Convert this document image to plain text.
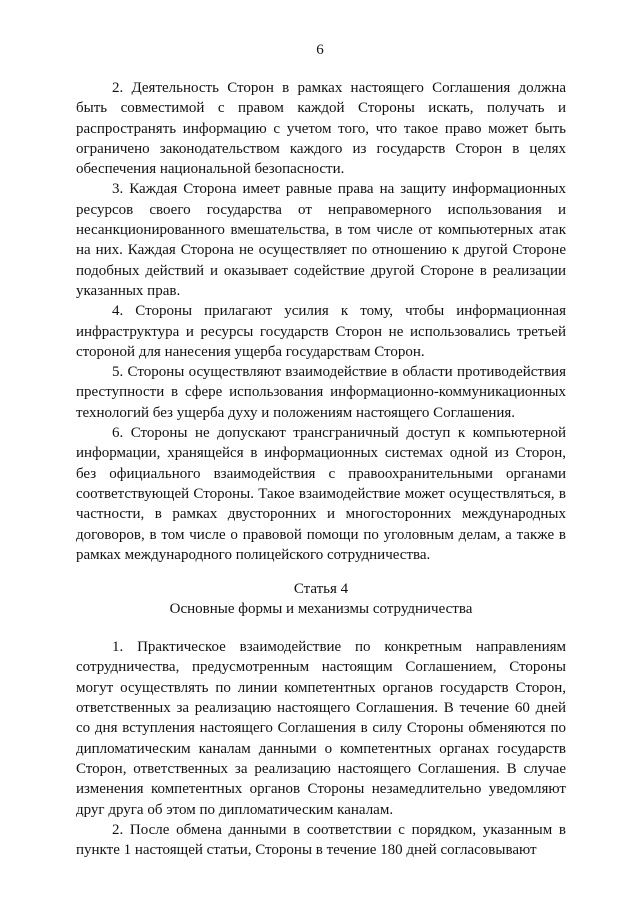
6

2. Деятельность Сторон в рамках настоящего Соглашения должна быть совместимой с правом каждой Стороны искать, получать и распространять информацию с учетом того, что такое право может быть ограничено законодательством каждого из государств Сторон в целях обеспечения национальной безопасности.

3. Каждая Сторона имеет равные права на защиту информационных ресурсов своего государства от неправомерного использования и несанкционированного вмешательства, в том числе от компьютерных атак на них. Каждая Сторона не осуществляет по отношению к другой Стороне подобных действий и оказывает содействие другой Стороне в реализации указанных прав.

4. Стороны прилагают усилия к тому, чтобы информационная инфраструктура и ресурсы государств Сторон не использовались третьей стороной для нанесения ущерба государствам Сторон.

5. Стороны осуществляют взаимодействие в области противодействия преступности в сфере использования информационно-коммуникационных технологий без ущерба духу и положениям настоящего Соглашения.

6. Стороны не допускают трансграничный доступ к компьютерной информации, хранящейся в информационных системах одной из Сторон, без официального взаимодействия с правоохранительными органами соответствующей Стороны. Такое взаимодействие может осуществляться, в частности, в рамках двусторонних и многосторонних международных договоров, в том числе о правовой помощи по уголовным делам, а также в рамках международного полицейского сотрудничества.

Статья 4

Основные формы и механизмы сотрудничества

1. Практическое взаимодействие по конкретным направлениям сотрудничества, предусмотренным настоящим Соглашением, Стороны могут осуществлять по линии компетентных органов государств Сторон, ответственных за реализацию настоящего Соглашения. В течение 60 дней со дня вступления настоящего Соглашения в силу Стороны обменяются по дипломатическим каналам данными о компетентных органах государств Сторон, ответственных за реализацию настоящего Соглашения. В случае изменения компетентных органов Стороны незамедлительно уведомляют друг друга об этом по дипломатическим каналам.

2. После обмена данными в соответствии с порядком, указанным в пункте 1 настоящей статьи, Стороны в течение 180 дней согласовывают
